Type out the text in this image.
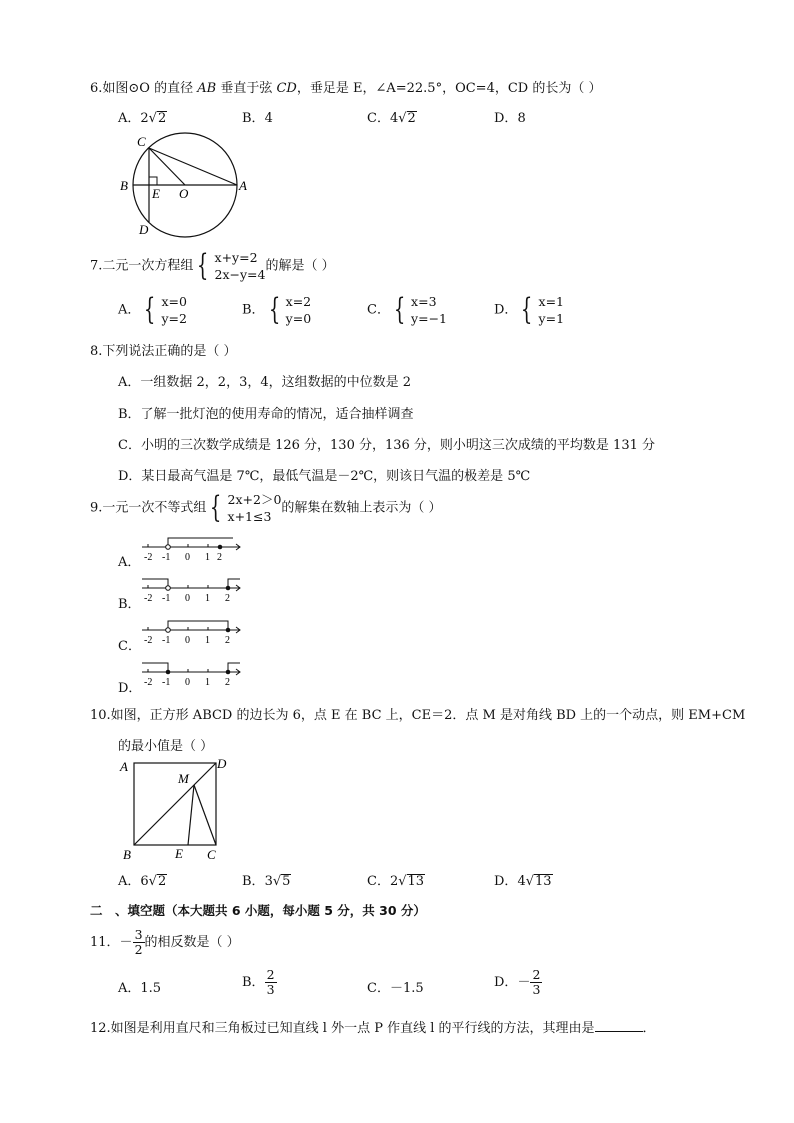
6.如图⊙O 的直径 AB 垂直于弦 CD，垂足是 E，∠A=22.5°，OC=4，CD 的长为（ ）
A．2√2	B．4	C．4√2	D．8
C
B
E O
A
D
7.二元一次方程组 { x+y=2
2x−y=4
的解是（ ）
A． { x=0
y=2
B． { x=2
y=0
C． { x=3
y=−1
D． { x=1
y=1
8.下列说法正确的是（ ）
A．一组数据 2，2，3，4，这组数据的中位数是 2
B．了解一批灯泡的使用寿命的情况，适合抽样调查
C．小明的三次数学成绩是 126 分，130 分，136 分，则小明这三次成绩的平均数是 131 分
D．某日最高气温是 7℃，最低气温是－2℃，则该日气温的极差是 5℃
9.一元一次不等式组 { 2x+2＞0
x+1≤3
的解集在数轴上表示为（ ）
A． -2 -1 0 1 2
B． -2 -1 0 1 2
C． -2 -1 0 1 2
D． -2 -1 0 1 2
10.如图，正方形 ABCD 的边长为 6，点 E 在 BC 上，CE＝2．点 M 是对角线 BD 上的一个动点，则 EM+CM
的最小值是（ ）
A	D
M
B	E C
A．6√2	B．3√5	C．2√13	D．4√13
二　、填空题（本大题共 6 小题，每小题 5 分，共 30 分）
11．－ $\frac{3}{2}$ 的相反数是（ ）
A．1.5	B． $\frac{2}{3}$	C．－1.5	D．－ $\frac{2}{3}$
12.如图是利用直尺和三角板过已知直线 l 外一点 P 作直线 l 的平行线的方法，其理由是	．
